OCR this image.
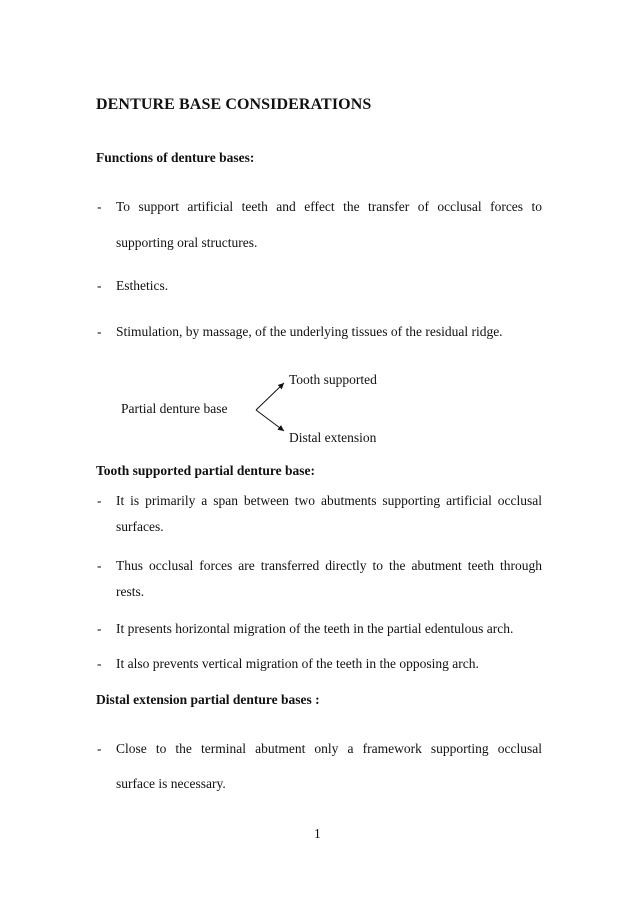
DENTURE BASE CONSIDERATIONS
Functions of denture bases:
- To support artificial teeth and effect the transfer of occlusal forces to
supporting oral structures.
- Esthetics.
- Stimulation, by massage, of the underlying tissues of the residual ridge.
Tooth supported
Partial denture base
Distal extension
Tooth supported partial denture base:
- It is primarily a span between two abutments supporting artificial occlusal
surfaces.
- Thus occlusal forces are transferred directly to the abutment teeth through
rests.
- It presents horizontal migration of the teeth in the partial edentulous arch.
- It also prevents vertical migration of the teeth in the opposing arch.
Distal extension partial denture bases :
- Close to the terminal abutment only a framework supporting occlusal
surface is necessary.
1
